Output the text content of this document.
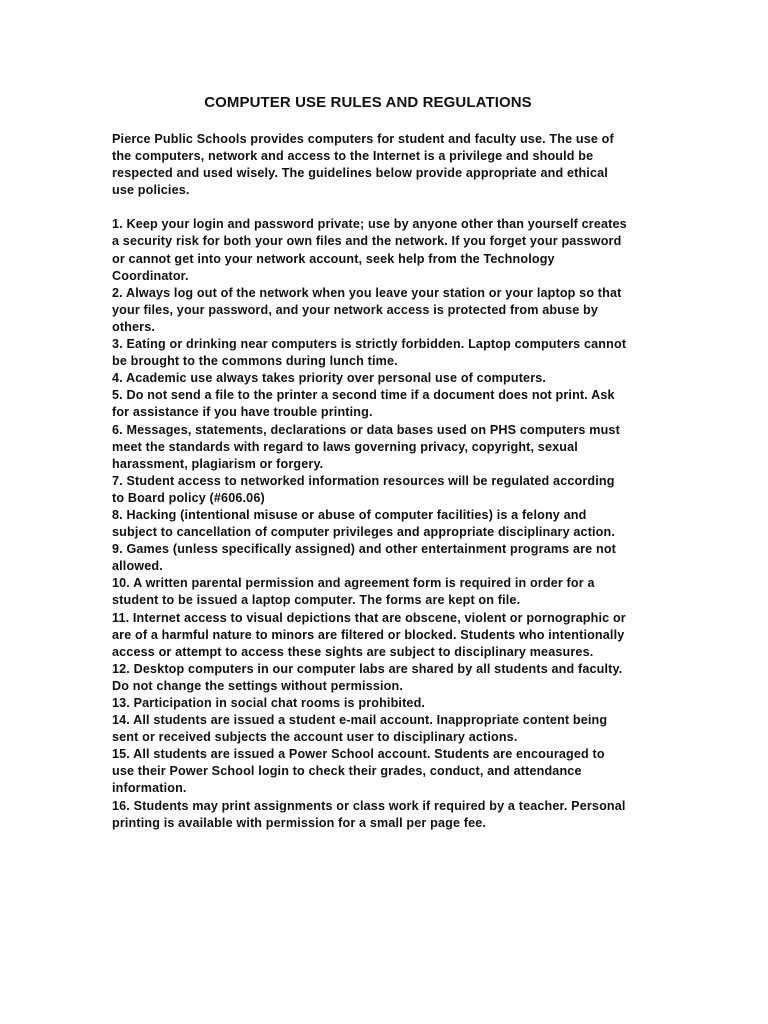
COMPUTER USE RULES AND REGULATIONS

Pierce Public Schools provides computers for student and faculty use. The use of the computers, network and access to the Internet is a privilege and should be respected and used wisely. The guidelines below provide appropriate and ethical use policies.

1. Keep your login and password private; use by anyone other than yourself creates a security risk for both your own files and the network. If you forget your password or cannot get into your network account, seek help from the Technology Coordinator.
2. Always log out of the network when you leave your station or your laptop so that your files, your password, and your network access is protected from abuse by others.
3. Eating or drinking near computers is strictly forbidden. Laptop computers cannot be brought to the commons during lunch time.
4. Academic use always takes priority over personal use of computers.
5. Do not send a file to the printer a second time if a document does not print. Ask for assistance if you have trouble printing.
6. Messages, statements, declarations or data bases used on PHS computers must meet the standards with regard to laws governing privacy, copyright, sexual harassment, plagiarism or forgery.
7. Student access to networked information resources will be regulated according to Board policy (#606.06)
8. Hacking (intentional misuse or abuse of computer facilities) is a felony and subject to cancellation of computer privileges and appropriate disciplinary action.
9. Games (unless specifically assigned) and other entertainment programs are not allowed.
10. A written parental permission and agreement form is required in order for a student to be issued a laptop computer. The forms are kept on file.
11. Internet access to visual depictions that are obscene, violent or pornographic or are of a harmful nature to minors are filtered or blocked. Students who intentionally access or attempt to access these sights are subject to disciplinary measures.
12. Desktop computers in our computer labs are shared by all students and faculty. Do not change the settings without permission.
13. Participation in social chat rooms is prohibited.
14. All students are issued a student e-mail account. Inappropriate content being sent or received subjects the account user to disciplinary actions.
15. All students are issued a Power School account. Students are encouraged to use their Power School login to check their grades, conduct, and attendance information.
16. Students may print assignments or class work if required by a teacher. Personal printing is available with permission for a small per page fee.
